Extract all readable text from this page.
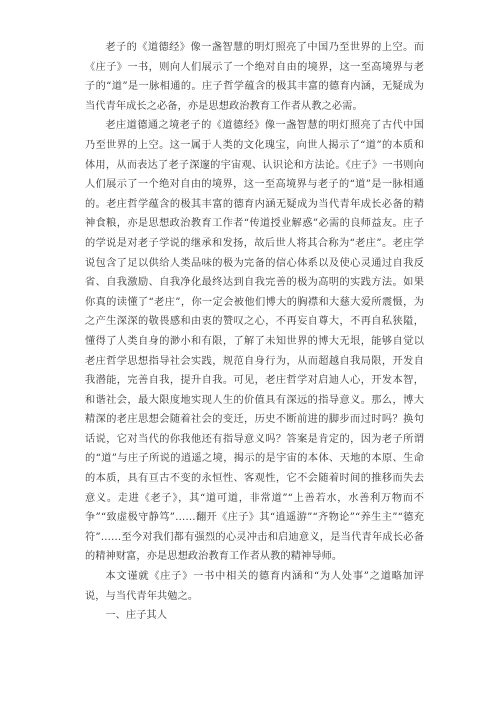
老子的《道德经》像一盏智慧的明灯照亮了中国乃至世界的上空。而《庄子》一书，则向人们展示了一个绝对自由的境界，这一至高境界与老子的“道”是一脉相通的。庄子哲学蕴含的极其丰富的德育内涵，无疑成为当代青年成长之必备，亦是思想政治教育工作者从教之必需。

老庄道德通之境老子的《道德经》像一盏智慧的明灯照亮了古代中国乃至世界的上空。这一属于人类的文化瑰宝，向世人揭示了“道”的本质和体用，从而表达了老子深邃的宇宙观、认识论和方法论。《庄子》一书则向人们展示了一个绝对自由的境界，这一至高境界与老子的“道”是一脉相通的。老庄哲学蕴含的极其丰富的德育内涵无疑成为当代青年成长必备的精神食粮，亦是思想政治教育工作者“传道授业解惑”必需的良师益友。庄子的学说是对老子学说的继承和发扬，故后世人将其合称为“老庄”。老庄学说包含了足以供给人类品味的极为完备的信心体系以及使心灵通过自我反省、自我激励、自我净化最终达到自我完善的极为高明的实践方法。如果你真的读懂了“老庄”，你一定会被他们博大的胸襟和大慈大爱所震慑，为之产生深深的敬畏感和由衷的赞叹之心，不再妄自尊大，不再自私狭隘，懂得了人类自身的渺小和有限，了解了未知世界的博大无垠，能够自觉以老庄哲学思想指导社会实践，规范自身行为，从而超越自我局限，开发自我潜能，完善自我，提升自我。可见，老庄哲学对启迪人心，开发本智，和谐社会，最大限度地实现人生的价值具有深远的指导意义。那么，博大精深的老庄思想会随着社会的变迁，历史不断前进的脚步而过时吗？换句话说，它对当代的你我他还有指导意义吗？答案是肯定的，因为老子所谓的“道”与庄子所说的逍遥之境，揭示的是宇宙的本体、天地的本原、生命的本质，具有亘古不变的永恒性、客观性，它不会随着时间的推移而失去意义。走进《老子》，其“道可道，非常道”“上善若水，水善利万物而不争”“致虚极守静笃”……翻开《庄子》其“逍遥游”“齐物论”“养生主”“德充符”……至今对我们都有强烈的心灵冲击和启迪意义，是当代青年成长必备的精神财富，亦是思想政治教育工作者从教的精神导师。

本文谨就《庄子》一书中相关的德育内涵和“为人处事”之道略加评说，与当代青年共勉之。

一、庄子其人
